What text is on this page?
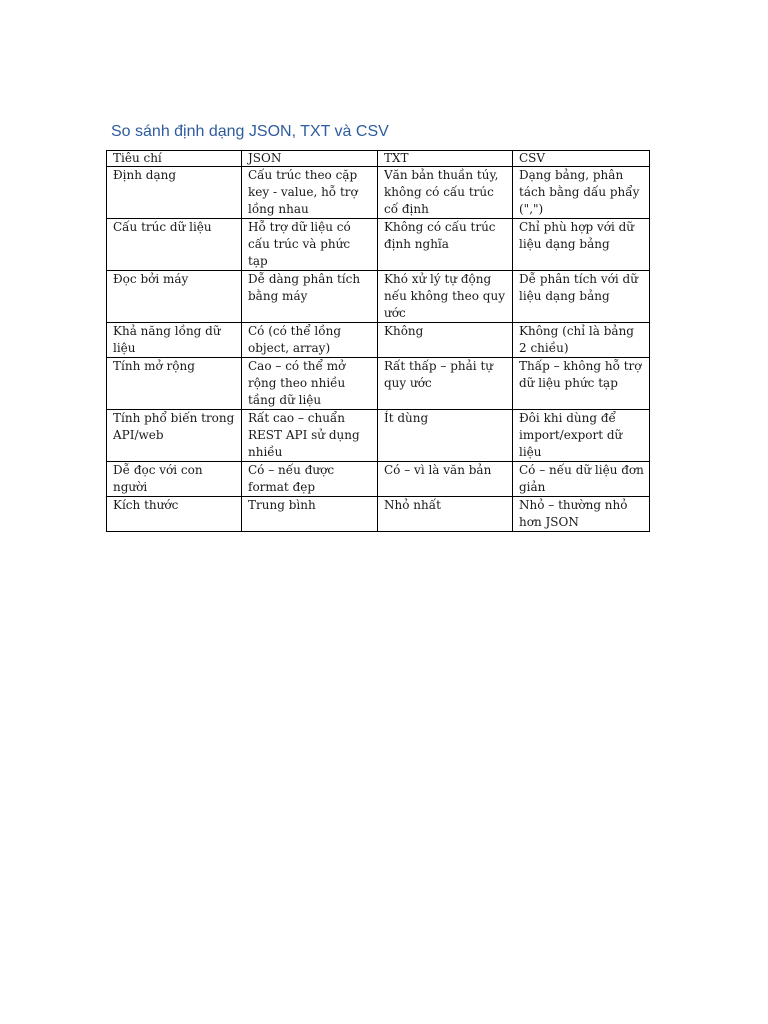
So sánh định dạng JSON, TXT và CSV
Tiêu chí	JSON	TXT	CSV
Định dạng	Cấu trúc theo cặp key - value, hỗ trợ lồng nhau	Văn bản thuần túy, không có cấu trúc cố định	Dạng bảng, phân tách bằng dấu phẩy (",")
Cấu trúc dữ liệu	Hỗ trợ dữ liệu có cấu trúc và phức tạp	Không có cấu trúc định nghĩa	Chỉ phù hợp với dữ liệu dạng bảng
Đọc bởi máy	Dễ dàng phân tích bằng máy	Khó xử lý tự động nếu không theo quy ước	Dễ phân tích với dữ liệu dạng bảng
Khả năng lồng dữ liệu	Có (có thể lồng object, array)	Không	Không (chỉ là bảng 2 chiều)
Tính mở rộng	Cao – có thể mở rộng theo nhiều tầng dữ liệu	Rất thấp – phải tự quy ước	Thấp – không hỗ trợ dữ liệu phức tạp
Tính phổ biến trong API/web	Rất cao – chuẩn REST API sử dụng nhiều	Ít dùng	Đôi khi dùng để import/export dữ liệu
Dễ đọc với con người	Có – nếu được format đẹp	Có – vì là văn bản	Có – nếu dữ liệu đơn giản
Kích thước	Trung bình	Nhỏ nhất	Nhỏ – thường nhỏ hơn JSON
